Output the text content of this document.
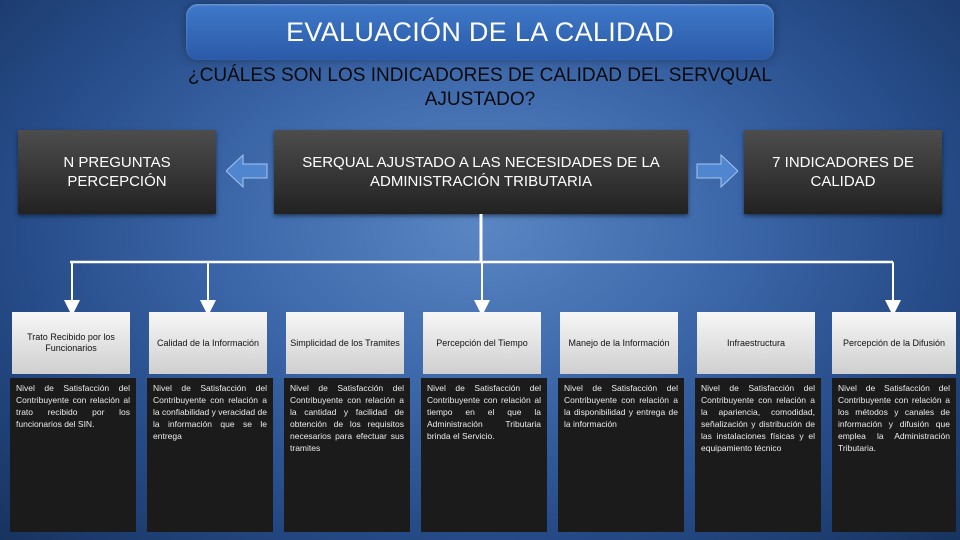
EVALUACIÓN DE LA CALIDAD
¿CUÁLES SON LOS INDICADORES DE CALIDAD DEL SERVQUAL AJUSTADO?
N PREGUNTAS PERCEPCIÓN
SERQUAL AJUSTADO A LAS NECESIDADES DE LA ADMINISTRACIÓN TRIBUTARIA
7 INDICADORES DE CALIDAD
Trato Recibido por los Funcionarios
Nivel de Satisfacción del Contribuyente con relación al trato recibido por los funcionarios del SIN.
Calidad de la Información
Nivel de Satisfacción del Contribuyente con relación a la confiabilidad y veracidad de la información que se le entrega
Simplicidad de los Tramites
Nivel de Satisfacción del Contribuyente con relación a la cantidad y facilidad de obtención de los requisitos necesarios para efectuar sus tramites
Percepción del Tiempo
Nivel de Satisfacción del Contribuyente con relación al tiempo en el que la Administración Tributaria brinda el Servicio.
Manejo de la Información
Nivel de Satisfacción del Contribuyente con relación a la disponibilidad y entrega de la información
Infraestructura
Nivel de Satisfacción del Contribuyente con relación a la apariencia, comodidad, señalización y distribución de las instalaciones físicas y el equipamiento técnico
Percepción de la Difusión
Nivel de Satisfacción del Contribuyente con relación a los métodos y canales de información y difusión que emplea la Administración Tributaria.
